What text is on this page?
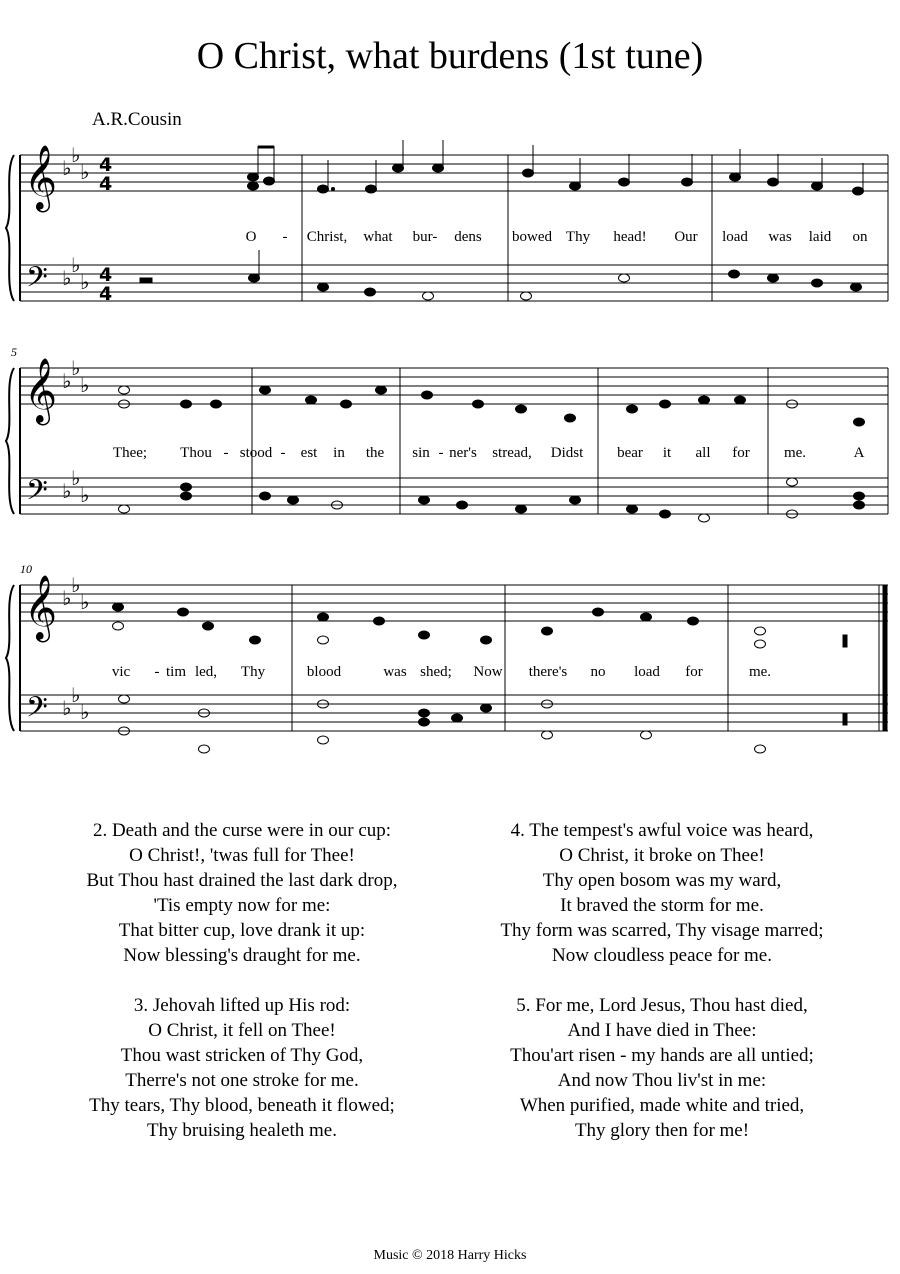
O Christ, what burdens (1st tune)
A.R.Cousin
𝄞
𝄢
𝄞
𝄢
𝄞
𝄢
♭
♭
♭
♭
♭
♭
♭
♭
♭
♭
♭
♭
♭
♭
♭
♭
♭
♭
4
4
4
4
5
10
O - Christ, what bur- dens bowed Thy head! Our load was laid on
Thee; Thou - stood - est in the sin - ner's stread, Didst bear it all for me.	A
vic - tim led, Thy	blood	was shed; Now there's no load for	me.
2. Death and the curse were in our cup:
O Christ!, 'twas full for Thee!
But Thou hast drained the last dark drop,
'Tis empty now for me:
That bitter cup, love drank it up:
Now blessing's draught for me.
3. Jehovah lifted up His rod:
O Christ, it fell on Thee!
Thou wast stricken of Thy God,
Therre's not one stroke for me.
Thy tears, Thy blood, beneath it flowed;
Thy bruising healeth me.
4. The tempest's awful voice was heard,
O Christ, it broke on Thee!
Thy open bosom was my ward,
It braved the storm for me.
Thy form was scarred, Thy visage marred;
Now cloudless peace for me.
5. For me, Lord Jesus, Thou hast died,
And I have died in Thee:
Thou'art risen - my hands are all untied;
And now Thou liv'st in me:
When purified, made white and tried,
Thy glory then for me!
Music © 2018 Harry Hicks
